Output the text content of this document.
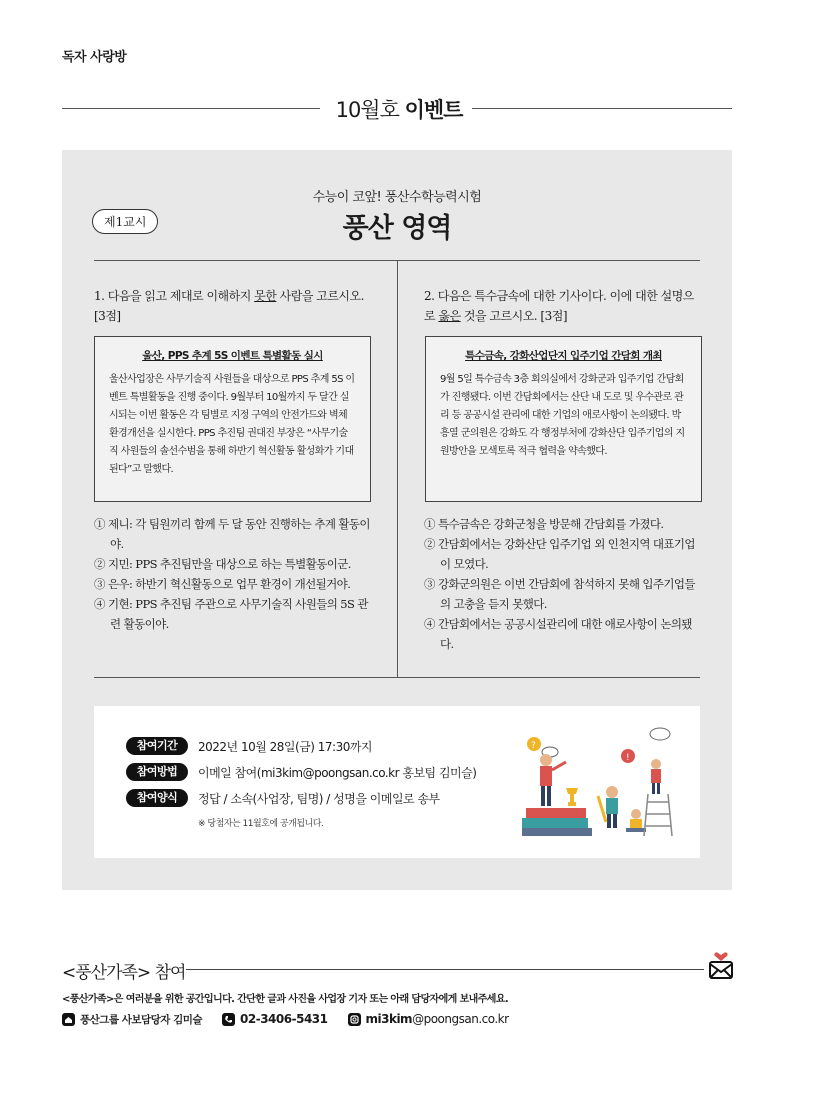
독자 사랑방
10월호 이벤트
수능이 코앞! 풍산수학능력시험
풍산 영역
제1교시
1. 다음을 읽고 제대로 이해하지 못한 사람을 고르시오. [3점]
울산, PPS 추계 5S 이벤트 특별활동 실시
울산사업장은 사무기술직 사원들을 대상으로 PPS 추계 5S 이벤트 특별활동을 진행 중이다. 9월부터 10월까지 두 달간 실시되는 이번 활동은 각 팀별로 지정 구역의 안전가드와 벽체 환경개선을 실시한다. PPS 추진팀 권대진 부장은 “사무기술직 사원들의 솔선수범을 통해 하반기 혁신활동 활성화가 기대된다”고 말했다.
① 제니: 각 팀원끼리 함께 두 달 동안 진행하는 추계 활동이야.
② 지민: PPS 추진팀만을 대상으로 하는 특별활동이군.
③ 은우: 하반기 혁신활동으로 업무 환경이 개선될거야.
④ 기현: PPS 추진팀 주관으로 사무기술직 사원들의 5S 관련 활동이야.
2. 다음은 특수금속에 대한 기사이다. 이에 대한 설명으로 옳은 것을 고르시오. [3점]
특수금속, 강화산업단지 입주기업 간담회 개최
9월 5일 특수금속 3층 회의실에서 강화군과 입주기업 간담회가 진행됐다. 이번 간담회에서는 산단 내 도로 및 우수관로 관리 등 공공시설 관리에 대한 기업의 애로사항이 논의됐다. 박흥열 군의원은 강화도 각 행정부처에 강화산단 입주기업의 지원방안을 모색토록 적극 협력을 약속했다.
① 특수금속은 강화군청을 방문해 간담회를 가졌다.
② 간담회에서는 강화산단 입주기업 외 인천지역 대표기업이 모였다.
③ 강화군의원은 이번 간담회에 참석하지 못해 입주기업들의 고충을 듣지 못했다.
④ 간담회에서는 공공시설관리에 대한 애로사항이 논의됐다.
참여기간	2022년 10월 28일(금) 17:30까지
참여방법	이메일 참여(mi3kim@poongsan.co.kr 홍보팀 김미슬)
참여양식	정답 / 소속(사업장, 팀명) / 성명을 이메일로 송부
※ 당첨자는 11월호에 공개됩니다.
?
!
<풍산가족> 참여
<풍산가족>은 여러분을 위한 공간입니다. 간단한 글과 사진을 사업장 기자 또는 아래 담당자에게 보내주세요.
풍산그룹 사보담당자 김미슬	02-3406-5431	mi3kim @poongsan.co.kr
